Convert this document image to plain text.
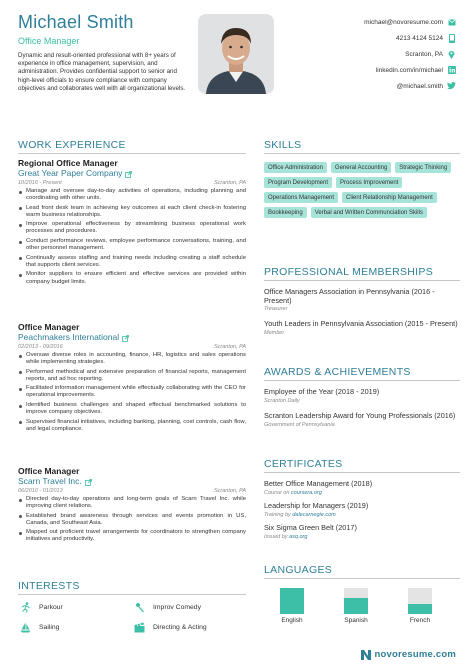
Michael Smith
Office Manager
Dynamic and result-oriented professional with 8+ years of experience in office management, supervision, and administration. Provides confidential support to senior and high-level officials to ensure compliance with company objectives and collaborates well with all organizational levels.
michael@novoresume.com
4213 4124 5124
Scranton, PA
linkedin.com/in/michael
@michael.smith
WORK EXPERIENCE
Regional Office Manager
Great Year Paper Company
10/2016 - Present	Scranton, PA
Manage and oversee day-to-day activities of operations, including planning and coordinating with other units.
Lead front desk team in achieving key outcomes at each client check-in fostering warm business relationships.
Improve operational effectiveness by streamlining business operational work processes and procedures.
Conduct performance reviews, employee performance conversations, training, and other personnel management.
Continually assess staffing and training needs including creating a staff schedule that supports client services.
Monitor suppliers to ensure efficient and effective services are provided within company budget limits.
Office Manager
Peachmakers International
02/2013 - 09/2016	Scranton, PA
Oversaw diverse roles in accounting, finance, HR, logistics and sales operations while implementing strategies.
Performed methodical and extensive preparation of financial reports, management reports, and ad hoc reporting.
Facilitated information management while effectually collaborating with the CEO for operational improvements.
Identified business challenges and shaped effectual benchmarked solutions to improve company objectives.
Supervised financial initiatives, including banking, planning, cost controls, cash flow, and legal compliance.
Office Manager
Scarn Travel Inc.
06/2010 - 01/2013	Scranton, PA
Directed day-to-day operations and long-term goals of Scarn Travel Inc. while improving client relations.
Established brand awareness through services and events promotion in US, Canada, and Southeast Asia.
Mapped out proficient travel arrangements for coordinators to strengthen company initiatives and productivity.
INTERESTS
Parkour	Improv Comedy
Sailing	Directing & Acting
SKILLS
Office Administration	General Accounting	Strategic Thinking
Program Development	Process Improvement
Operations Management	Client Relationship Management
Bookkeeping	Verbal and Written Communciation Skills
PROFESSIONAL MEMBERSHIPS
Office Managers Association in Pennsylvania (2016 - Present)
Treasurer
Youth Leaders in Pennsylvania Association (2015 - Present)
Member
AWARDS & ACHIEVEMENTS
Employee of the Year (2018 - 2019)
Scranton Daily
Scranton Leadership Award for Young Professionals (2016)
Government of Pennsylvania
CERTIFICATES
Better Office Management (2018)
Course on coursera.org
Leadership for Managers (2019)
Training by dalecarnegie.com
Six Sigma Green Belt (2017)
Issued by asq.org
LANGUAGES
English	Spanish	French
novoresume.com
